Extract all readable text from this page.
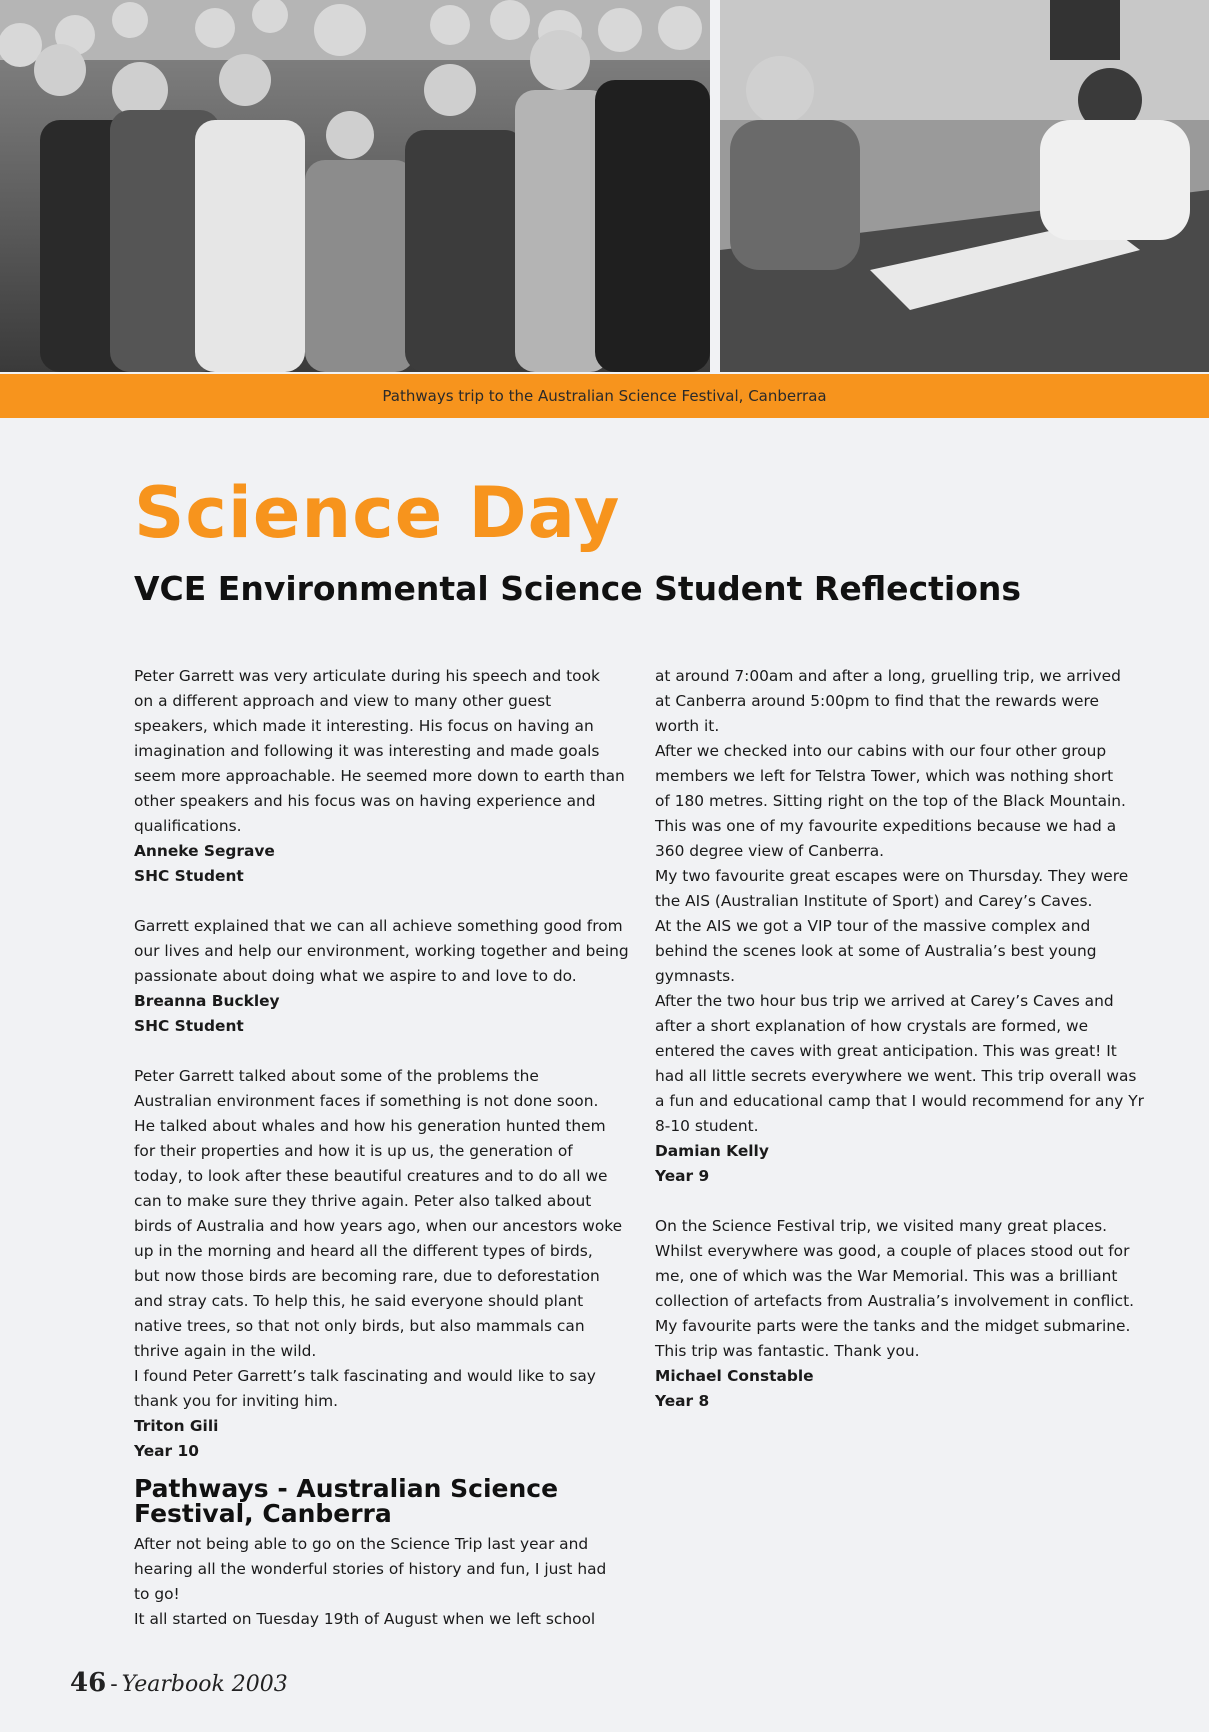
Pathways trip to the Australian Science Festival, Canberraa
Science Day
VCE Environmental Science Student Reflections

Peter Garrett was very articulate during his speech and took

on a different approach and view to many other guest

speakers, which made it interesting. His focus on having an

imagination and following it was interesting and made goals

seem more approachable. He seemed more down to earth than

other speakers and his focus was on having experience and

qualifications.

Anneke Segrave

SHC Student

Garrett explained that we can all achieve something good from

our lives and help our environment, working together and being

passionate about doing what we aspire to and love to do.

Breanna Buckley

SHC Student

Peter Garrett talked about some of the problems the

Australian environment faces if something is not done soon.

He talked about whales and how his generation hunted them

for their properties and how it is up us, the generation of

today, to look after these beautiful creatures and to do all we

can to make sure they thrive again. Peter also talked about

birds of Australia and how years ago, when our ancestors woke

up in the morning and heard all the different types of birds,

but now those birds are becoming rare, due to deforestation

and stray cats. To help this, he said everyone should plant

native trees, so that not only birds, but also mammals can

thrive again in the wild.

I found Peter Garrett’s talk fascinating and would like to say

thank you for inviting him.

Triton Gili

Year 10

Pathways - Australian Science
Festival, Canberra

After not being able to go on the Science Trip last year and

hearing all the wonderful stories of history and fun, I just had

to go!

It all started on Tuesday 19th of August when we left school

at around 7:00am and after a long, gruelling trip, we arrived

at Canberra around 5:00pm to find that the rewards were

worth it.

After we checked into our cabins with our four other group

members we left for Telstra Tower, which was nothing short

of 180 metres. Sitting right on the top of the Black Mountain.

This was one of my favourite expeditions because we had a

360 degree view of Canberra.

My two favourite great escapes were on Thursday. They were

the AIS (Australian Institute of Sport) and Carey’s Caves.

At the AIS we got a VIP tour of the massive complex and

behind the scenes look at some of Australia’s best young

gymnasts.

After the two hour bus trip we arrived at Carey’s Caves and

after a short explanation of how crystals are formed, we

entered the caves with great anticipation. This was great! It

had all little secrets everywhere we went. This trip overall was

a fun and educational camp that I would recommend for any Yr

8-10 student.

Damian Kelly

Year 9

On the Science Festival trip, we visited many great places.

Whilst everywhere was good, a couple of places stood out for

me, one of which was the War Memorial. This was a brilliant

collection of artefacts from Australia’s involvement in conflict.

My favourite parts were the tanks and the midget submarine.

This trip was fantastic. Thank you.

Michael Constable

Year 8

46 - Yearbook 2003
